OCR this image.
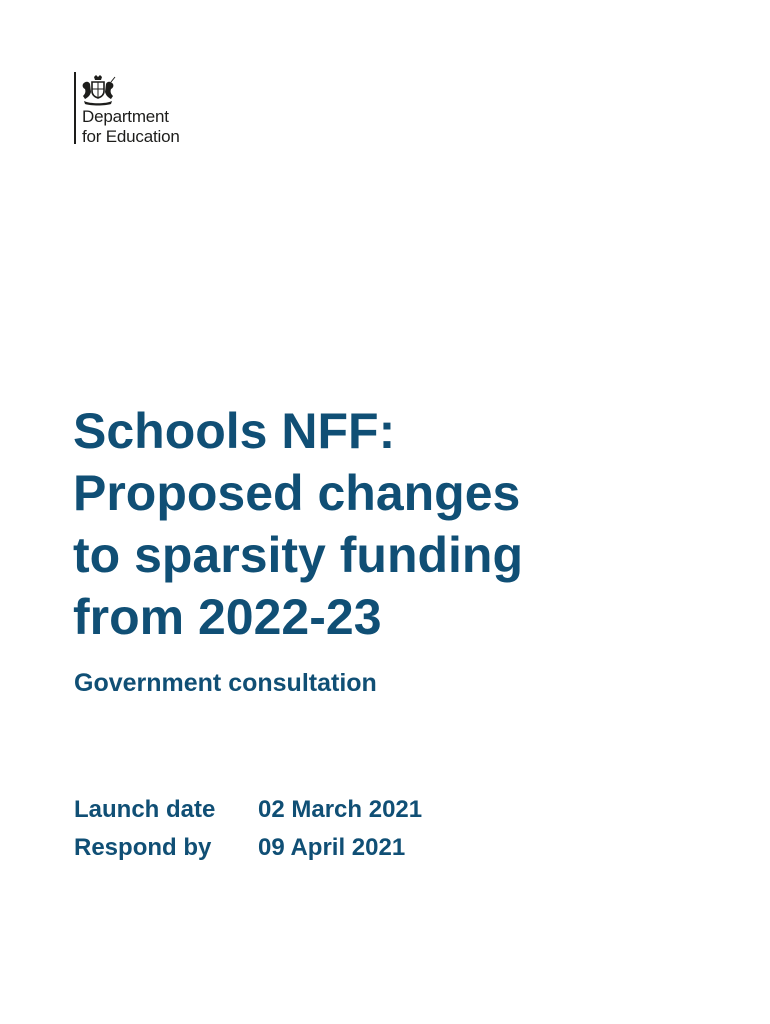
Department
for Education
Schools NFF:
Proposed changes
to sparsity funding
from 2022-23
Government consultation
Launch date	02 March 2021
Respond by	09 April 2021
